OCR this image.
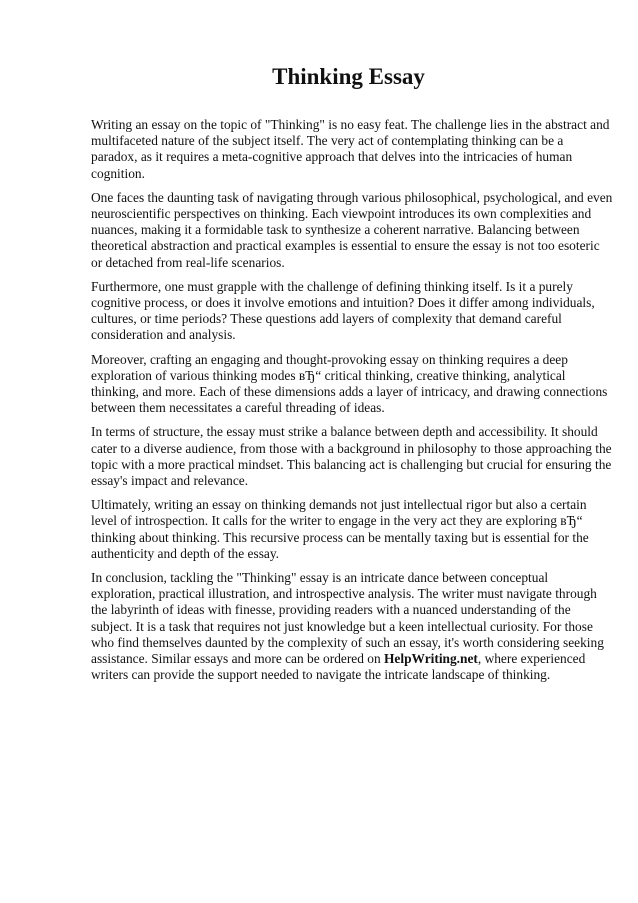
Thinking Essay
Writing an essay on the topic of "Thinking" is no easy feat. The challenge lies in the abstract and
multifaceted nature of the subject itself. The very act of contemplating thinking can be a
paradox, as it requires a meta-cognitive approach that delves into the intricacies of human
cognition.
One faces the daunting task of navigating through various philosophical, psychological, and even
neuroscientific perspectives on thinking. Each viewpoint introduces its own complexities and
nuances, making it a formidable task to synthesize a coherent narrative. Balancing between
theoretical abstraction and practical examples is essential to ensure the essay is not too esoteric
or detached from real-life scenarios.
Furthermore, one must grapple with the challenge of defining thinking itself. Is it a purely
cognitive process, or does it involve emotions and intuition? Does it differ among individuals,
cultures, or time periods? These questions add layers of complexity that demand careful
consideration and analysis.
Moreover, crafting an engaging and thought-provoking essay on thinking requires a deep
exploration of various thinking modes вЂ“ critical thinking, creative thinking, analytical
thinking, and more. Each of these dimensions adds a layer of intricacy, and drawing connections
between them necessitates a careful threading of ideas.
In terms of structure, the essay must strike a balance between depth and accessibility. It should
cater to a diverse audience, from those with a background in philosophy to those approaching the
topic with a more practical mindset. This balancing act is challenging but crucial for ensuring the
essay's impact and relevance.
Ultimately, writing an essay on thinking demands not just intellectual rigor but also a certain
level of introspection. It calls for the writer to engage in the very act they are exploring вЂ“
thinking about thinking. This recursive process can be mentally taxing but is essential for the
authenticity and depth of the essay.
In conclusion, tackling the "Thinking" essay is an intricate dance between conceptual
exploration, practical illustration, and introspective analysis. The writer must navigate through
the labyrinth of ideas with finesse, providing readers with a nuanced understanding of the
subject. It is a task that requires not just knowledge but a keen intellectual curiosity. For those
who find themselves daunted by the complexity of such an essay, it's worth considering seeking
assistance. Similar essays and more can be ordered on HelpWriting.net, where experienced
writers can provide the support needed to navigate the intricate landscape of thinking.
